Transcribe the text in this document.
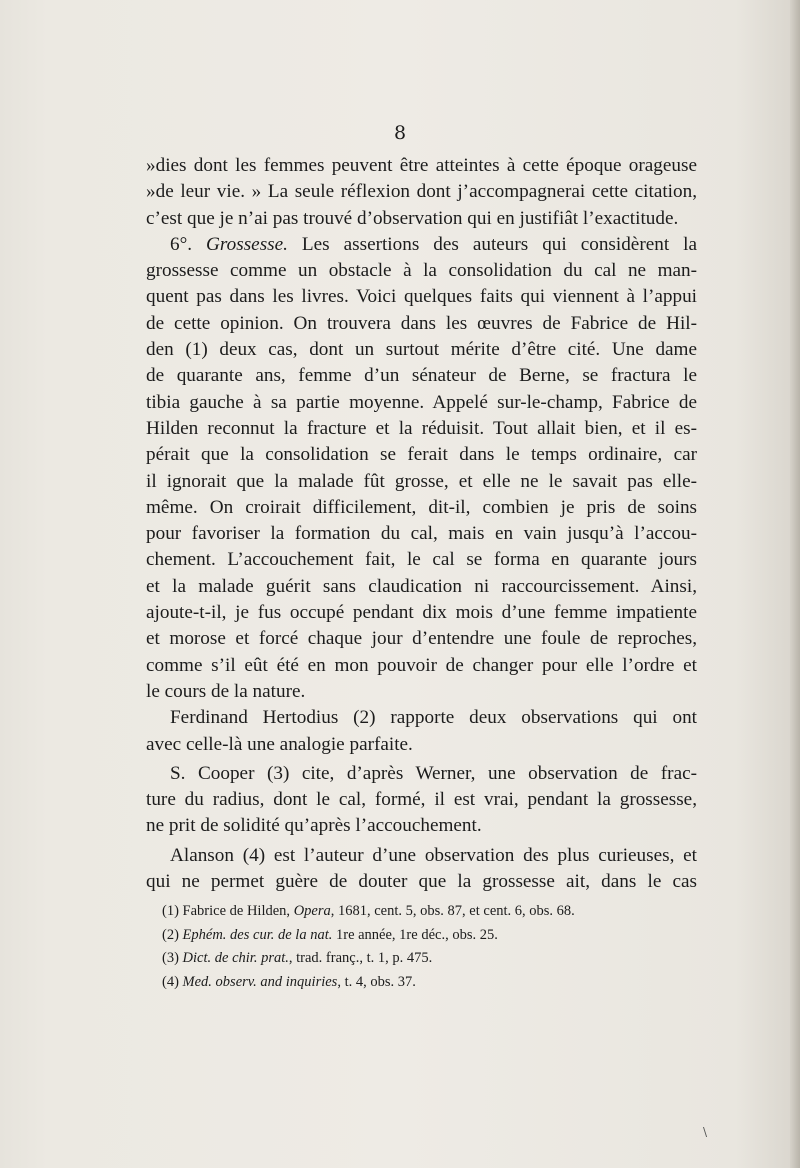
8
»dies dont les femmes peuvent être atteintes à cette époque orageuse
»de leur vie. » La seule réflexion dont j’accompagnerai cette citation,
c’est que je n’ai pas trouvé d’observation qui en justifiât l’exactitude.
6°. Grossesse. Les assertions des auteurs qui considèrent la
grossesse comme un obstacle à la consolidation du cal ne man-
quent pas dans les livres. Voici quelques faits qui viennent à l’appui
de cette opinion. On trouvera dans les œuvres de Fabrice de Hil-
den (1) deux cas, dont un surtout mérite d’être cité. Une dame
de quarante ans, femme d’un sénateur de Berne, se fractura le
tibia gauche à sa partie moyenne. Appelé sur-le-champ, Fabrice de
Hilden reconnut la fracture et la réduisit. Tout allait bien, et il es-
pérait que la consolidation se ferait dans le temps ordinaire, car
il ignorait que la malade fût grosse, et elle ne le savait pas elle-
même. On croirait difficilement, dit-il, combien je pris de soins
pour favoriser la formation du cal, mais en vain jusqu’à l’accou-
chement. L’accouchement fait, le cal se forma en quarante jours
et la malade guérit sans claudication ni raccourcissement. Ainsi,
ajoute-t-il, je fus occupé pendant dix mois d’une femme impatiente
et morose et forcé chaque jour d’entendre une foule de reproches,
comme s’il eût été en mon pouvoir de changer pour elle l’ordre et
le cours de la nature.
Ferdinand Hertodius (2) rapporte deux observations qui ont
avec celle-là une analogie parfaite.
S. Cooper (3) cite, d’après Werner, une observation de frac-
ture du radius, dont le cal, formé, il est vrai, pendant la grossesse,
ne prit de solidité qu’après l’accouchement.
Alanson (4) est l’auteur d’une observation des plus curieuses, et
qui ne permet guère de douter que la grossesse ait, dans le cas
(1) Fabrice de Hilden, Opera, 1681, cent. 5, obs. 87, et cent. 6, obs. 68.
(2) Ephém. des cur. de la nat. 1re année, 1re déc., obs. 25.
(3) Dict. de chir. prat., trad. franç., t. 1, p. 475.
(4) Med. observ. and inquiries, t. 4, obs. 37.
\
